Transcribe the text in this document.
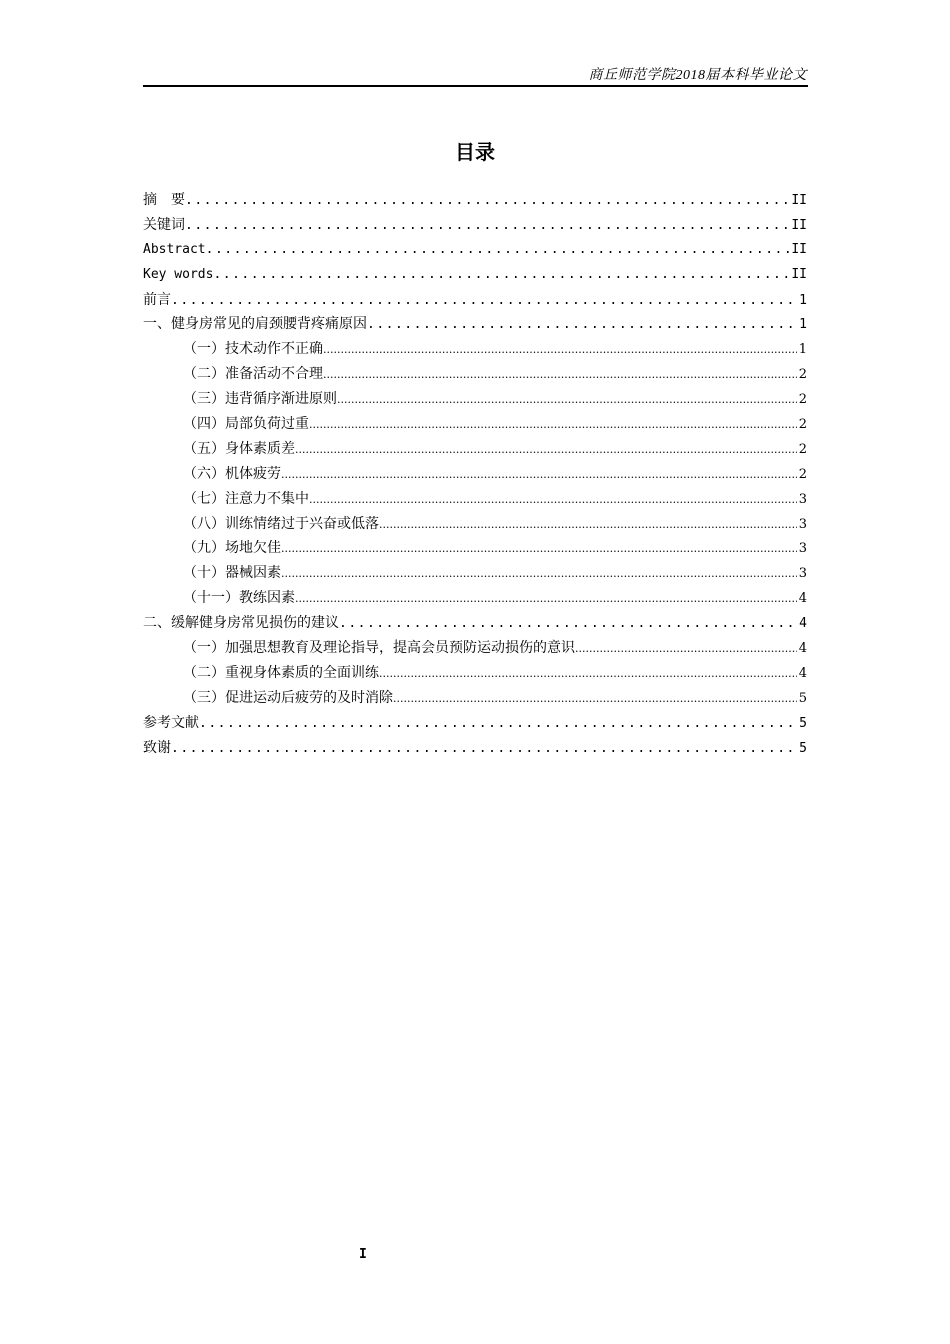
商丘师范学院2018届本科毕业论文
目录
摘　要 .....	II
关键词 .....	II
Abstract .....	II
Key words .....	II
前言 .....	1
一、健身房常见的肩颈腰背疼痛原因 .....	1
（一）技术动作不正确 .....	1
（二）准备活动不合理 .....	2
（三）违背循序渐进原则 .....	2
（四）局部负荷过重 .....	2
（五）身体素质差 .....	2
（六）机体疲劳 .....	2
（七）注意力不集中 .....	3
（八）训练情绪过于兴奋或低落 .....	3
（九）场地欠佳 .....	3
（十）器械因素 .....	3
（十一）教练因素 .....	4
二、缓解健身房常见损伤的建议 .....	4
（一）加强思想教育及理论指导，提高会员预防运动损伤的意识 .....	4
（二）重视身体素质的全面训练 .....	4
（三）促进运动后疲劳的及时消除 .....	5
参考文献 .....	5
致谢 .....	5
I
